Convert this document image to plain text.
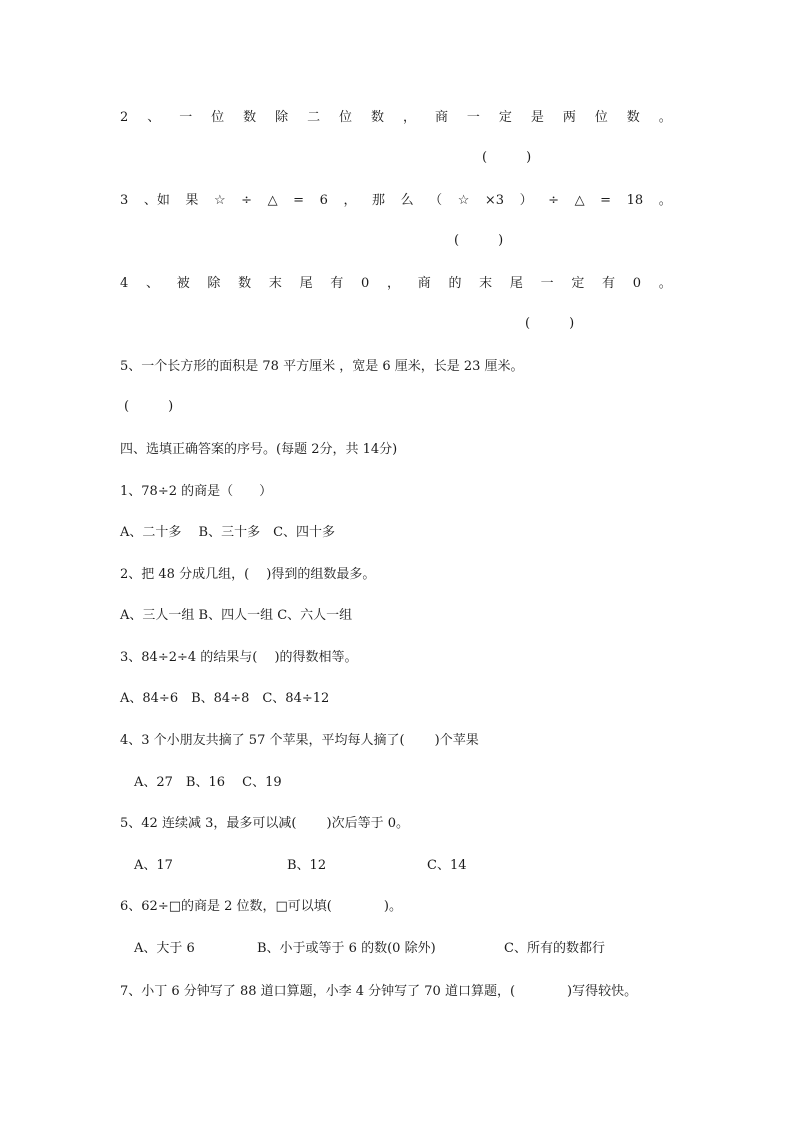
2 、 一 位 数 除 二 位 数 ， 商 一 定 是 两 位 数 。
(　　　)
3 、如 果 ☆ ÷ △ = 6 ， 那 么 （ ☆ ×3 ） ÷ △ = 18 。
(　　　)
4 、 被 除 数 末 尾 有 0 ， 商 的 末 尾 一 定 有 0 。
(　　　)
5、一个长方形的面积是 78 平方厘米 ，宽是 6 厘米，长是 23 厘米。
(　　　)
四、选填正确答案的序号。(每题 2分，共 14分)
1、78÷2 的商是（　　）
A、二十多　 B、三十多　C、四十多
2、把 48 分成几组，(　 )得到的组数最多。
A、三人一组 B、四人一组 C、六人一组
3、84÷2÷4 的结果与(　 )的得数相等。
A、84÷6　B、84÷8　C、84÷12
4、3 个小朋友共摘了 57 个苹果，平均每人摘了(　　 )个苹果
A、27　B、16　 C、19
5、42 连续减 3，最多可以减(　　 )次后等于 0。
A、17	B、12	C、14
6、62÷□的商是 2 位数，□可以填(　　　　)。
A、大于 6	B、小于或等于 6 的数(0 除外)	C、所有的数都行
7、小丁 6 分钟写了 88 道口算题，小李 4 分钟写了 70 道口算题，(　　　　)写得较快。
